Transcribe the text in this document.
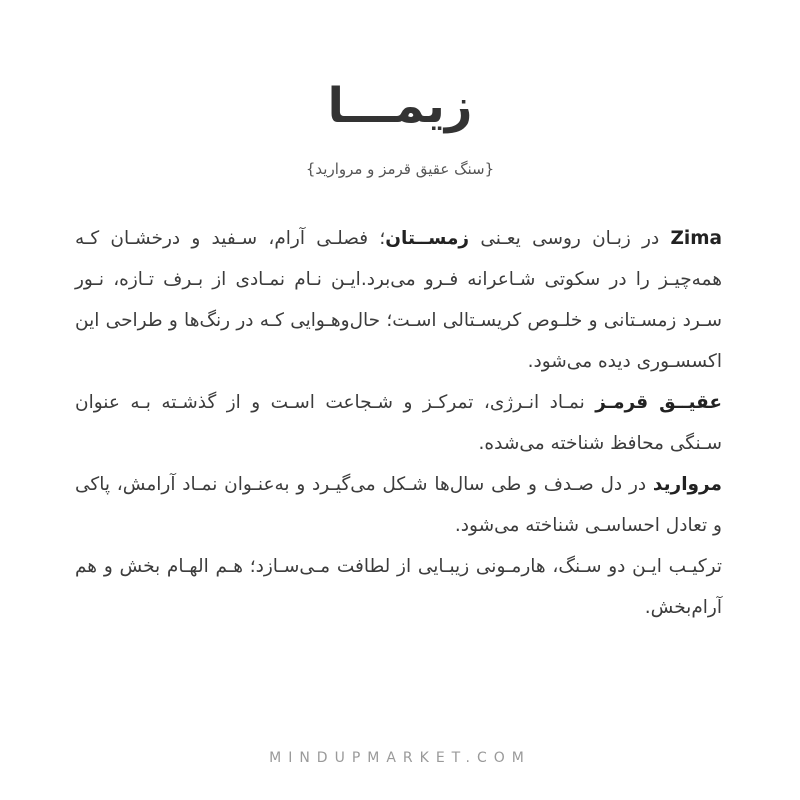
زیمـــا
{سنگ عقیق قرمز و مروارید}

Zima در زبـان روسی یعـنی زمســتان؛ فصلـی آرام، سـفید و درخشـان کـه همه‌چیـز را در سکوتی شـاعرانه فـرو می‌برد.ایـن نـام نمـادی از بـرف تـازه، نـور سـرد زمسـتانی و خلـوص کریسـتالی اسـت؛ حال‌وهـوایی کـه در رنگ‌ها و طراحی این اکسسـوری دیده می‌شود.

عقیــق قرمـز نمـاد انـرژی، تمرکـز و شـجاعت اسـت و از گذشـته بـه عنوان سـنگی محافظ شناخته می‌شده.

مروارید در دل صـدف و طی سال‌ها شـکل می‌گیـرد و به‌عنـوان نمـاد آرامش، پاکی و تعادل احساسـی شناخته می‌شود.

ترکیـب ایـن دو سـنگ، هارمـونی زیبـایی از لطافت مـی‌سـازد؛ هـم الهـام بخش و هم آرام‌بخش.

MINDUPMARKET.COM
